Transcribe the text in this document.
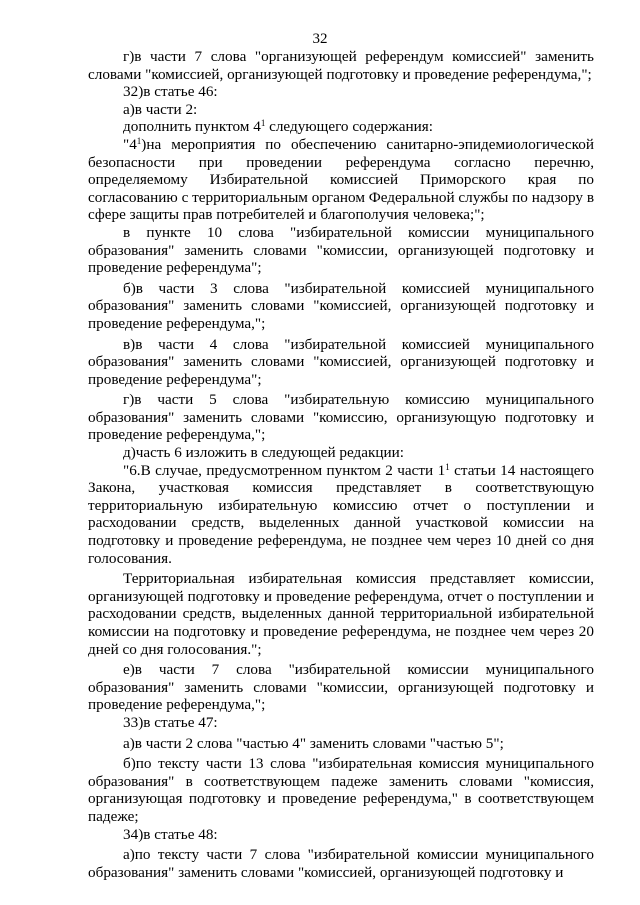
32

г)в части 7 слова "организующей референдум комиссией" заменить словами "комиссией, организующей подготовку и проведение референдума,";

32)в статье 46:

а)в части 2:

дополнить пунктом $4^1$ следующего содержания:

"$4^1)на$ мероприятия по обеспечению санитарно-эпидемиологической безопасности при проведении референдума согласно перечню, определяемому Избирательной комиссией Приморского края по согласованию с территориальным органом Федеральной службы по надзору в сфере защиты прав потребителей и благополучия человека;";

в пункте 10 слова "избирательной комиссии муниципального образования" заменить словами "комиссии, организующей подготовку и проведение референдума";

б)в части 3 слова "избирательной комиссией муниципального образования" заменить словами "комиссией, организующей подготовку и проведение референдума,";

в)в части 4 слова "избирательной комиссией муниципального образования" заменить словами "комиссией, организующей подготовку и проведение референдума";

г)в части 5 слова "избирательную комиссию муниципального образования" заменить словами "комиссию, организующую подготовку и проведение референдума,";

д)часть 6 изложить в следующей редакции:

"6.В случае, предусмотренном пунктом 2 части $1^1$ статьи 14 настоящего Закона, участковая комиссия представляет в соответствующую территориальную избирательную комиссию отчет о поступлении и расходовании средств, выделенных данной участковой комиссии на подготовку и проведение референдума, не позднее чем через 10 дней со дня голосования.

Территориальная избирательная комиссия представляет комиссии, организующей подготовку и проведение референдума, отчет о поступлении и расходовании средств, выделенных данной территориальной избирательной комиссии на подготовку и проведение референдума, не позднее чем через 20 дней со дня голосования.";

е)в части 7 слова "избирательной комиссии муниципального образования" заменить словами "комиссии, организующей подготовку и проведение референдума,";

33)в статье 47:

а)в части 2 слова "частью 4" заменить словами "частью 5";

б)по тексту части 13 слова "избирательная комиссия муниципального образования" в соответствующем падеже заменить словами "комиссия, организующая подготовку и проведение референдума," в соответствующем падеже;

34)в статье 48:

а)по тексту части 7 слова "избирательной комиссии муниципального образования" заменить словами "комиссией, организующей подготовку и
